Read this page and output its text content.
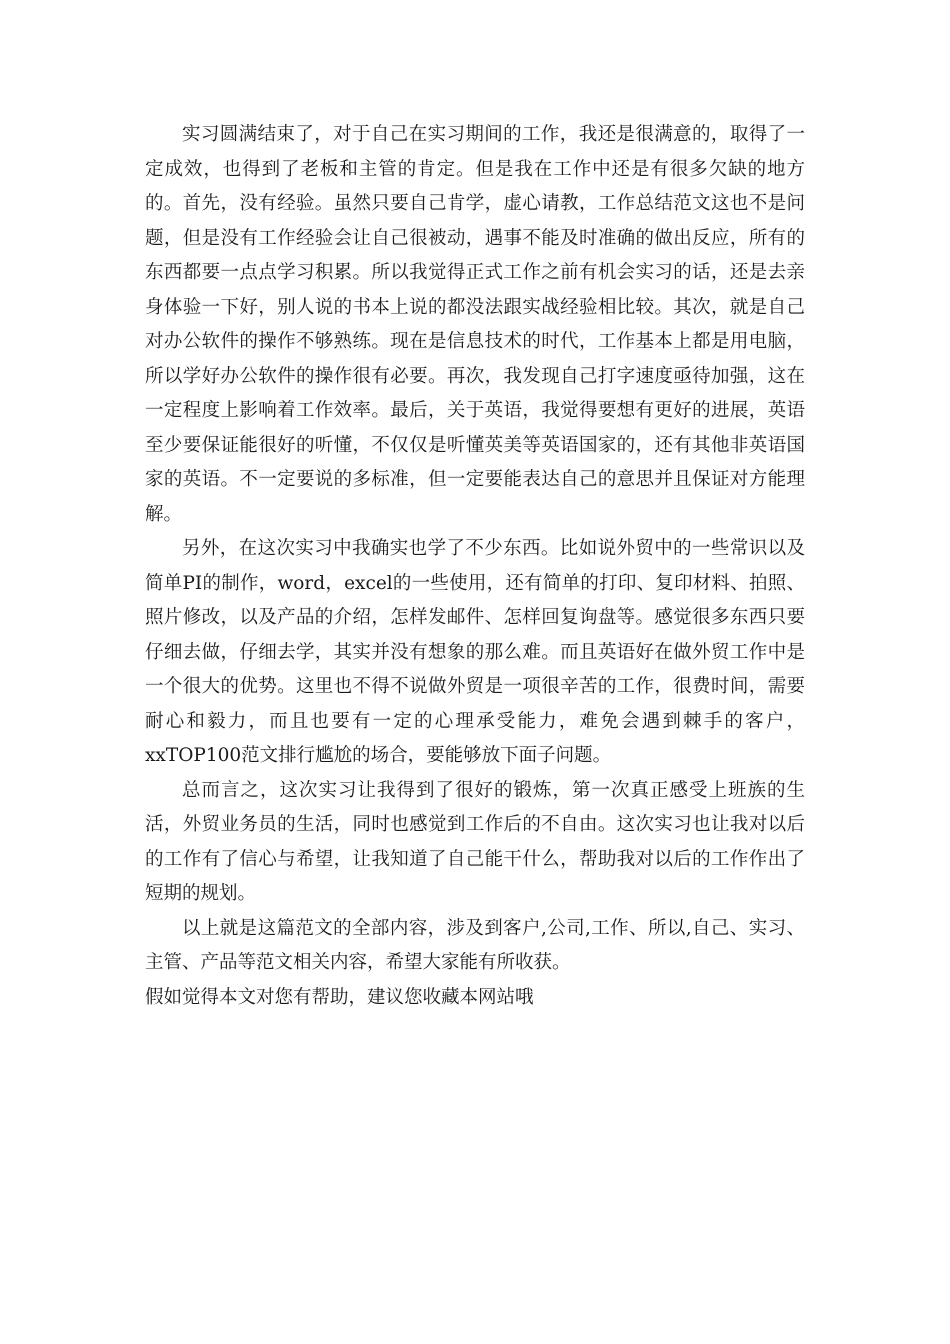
实习圆满结束了，对于自己在实习期间的工作，我还是很满意的，取得了一定成效，也得到了老板和主管的肯定。但是我在工作中还是有很多欠缺的地方的。首先，没有经验。虽然只要自己肯学，虚心请教，工作总结范文这也不是问题，但是没有工作经验会让自己很被动，遇事不能及时准确的做出反应，所有的东西都要一点点学习积累。所以我觉得正式工作之前有机会实习的话，还是去亲身体验一下好，别人说的书本上说的都没法跟实战经验相比较。其次，就是自己对办公软件的操作不够熟练。现在是信息技术的时代，工作基本上都是用电脑，所以学好办公软件的操作很有必要。再次，我发现自己打字速度亟待加强，这在一定程度上影响着工作效率。最后，关于英语，我觉得要想有更好的进展，英语至少要保证能很好的听懂，不仅仅是听懂英美等英语国家的，还有其他非英语国家的英语。不一定要说的多标准，但一定要能表达自己的意思并且保证对方能理解。

另外，在这次实习中我确实也学了不少东西。比如说外贸中的一些常识以及简单PI的制作，word，excel的一些使用，还有简单的打印、复印材料、拍照、照片修改，以及产品的介绍，怎样发邮件、怎样回复询盘等。感觉很多东西只要仔细去做，仔细去学，其实并没有想象的那么难。而且英语好在做外贸工作中是一个很大的优势。这里也不得不说做外贸是一项很辛苦的工作，很费时间，需要耐心和毅力，而且也要有一定的心理承受能力，难免会遇到棘手的客户，xxTOP100范文排行尴尬的场合，要能够放下面子问题。

总而言之，这次实习让我得到了很好的锻炼，第一次真正感受上班族的生活，外贸业务员的生活，同时也感觉到工作后的不自由。这次实习也让我对以后的工作有了信心与希望，让我知道了自己能干什么，帮助我对以后的工作作出了短期的规划。

以上就是这篇范文的全部内容，涉及到客户,公司,工作、所以,自己、实习、主管、产品等范文相关内容，希望大家能有所收获。

假如觉得本文对您有帮助，建议您收藏本网站哦
